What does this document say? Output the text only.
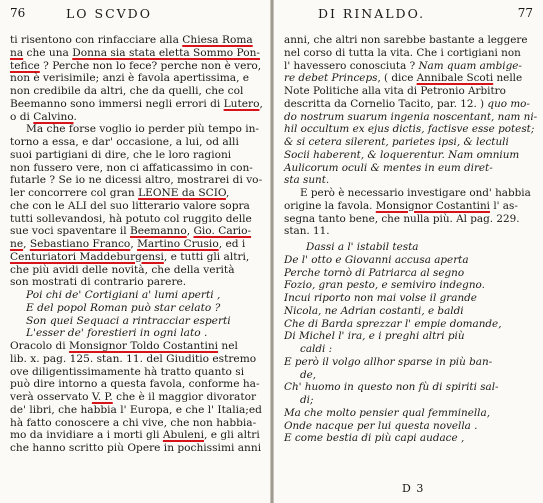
76	LO SCVDO
ti risentono con rinfacciare alla Chiesa Roma
na che una Donna sia stata eletta Sommo Pon-
tefice ? Perche non lo fece? perche non è vero,
non è verisimile; anzi è favola apertissima, e
non credibile da altri, che da quelli, che col
Beemanno sono immersi negli errori di Lutero,
o di Calvino.
Ma che forse voglio io perder più tempo in-
torno a essa, e dar' occasione, a lui, od alli
suoi partigiani di dire, che le loro ragioni
non fussero vere, non ci affaticassimo in con-
futarle ? Se io ne dicessi altro, mostrarei di vo-
ler concorrere col gran LEONE da SCIO,
che con le ALI del suo litterario valore sopra
tutti sollevandosi, hà potuto col ruggito delle
sue voci spaventare il Beemanno, Gio. Cario-
ne, Sebastiano Franco, Martino Crusio, ed i
Centuriatori Maddeburgensi, e tutti gli altri,
che più avidi delle novità, che della verità
son mostrati di contrario parere.
Poi chi de' Cortigiani a' lumi aperti ,
E del popol Roman può star celato ?
Son quei Sequaci a rintracciar esperti
L'esser de' forestieri in ogni lato .
Oracolo di Monsignor Toldo Costantini nel
lib. x. pag. 125. stan. 11. del Giuditio estremo
ove diligentissimamente hà tratto quanto si
può dire intorno a questa favola, conforme ha-
verà osservato V. P. che è il maggior divorator
de' libri, che habbia l' Europa, e che l' Italia;ed
hà fatto conoscere a chi vive, che non habbia-
mo da invidiare a i morti gli Abuleni, e gli altri
che hanno scritto più Opere in pochissimi anni
DI RINALDO.	77
anni, che altri non sarebbe bastante a leggere
nel corso di tutta la vita. Che i cortigiani non
l' havessero conosciuta ? Nam quam ambige-
re debet Princeps, ( dice Annibale Scoti nelle
Note Politiche alla vita di Petronio Arbitro
descritta da Cornelio Tacito, par. 12. ) quo mo-
do nostrum suarum ingenia noscentant, nam ni-
hil occultum ex ejus dictis, factisve esse potest;
& si cetera silerent, parietes ipsi, & lectuli
Socii haberent, & loquerentur. Nam omnium
Aulicorum oculi & mentes in eum diret-
sta sunt.
E però è necessario investigare ond' habbia
origine la favola. Monsignor Costantini l' as-
segna tanto bene, che nulla più. Al pag. 229.
stan. 11.
Dassi a l' istabil testa
De l' otto e Giovanni accusa aperta
Perche tornò di Patriarca al segno
Fozio, gran pesto, e semiviro indegno.
Incui riporto non mai volse il grande
Nicola, ne Adrian costanti, e baldi
Che di Barda sprezzar l' empie domande,
Di Michel l' ira, e i preghi altri più
caldi :
E però il volgo allhor sparse in più ban-
de,
Ch' huomo in questo non fù di spiriti sal-
di;
Ma che molto pensier qual femminella,
Onde nacque per lui questa novella .
E come bestia di più capi audace ,
D 3
